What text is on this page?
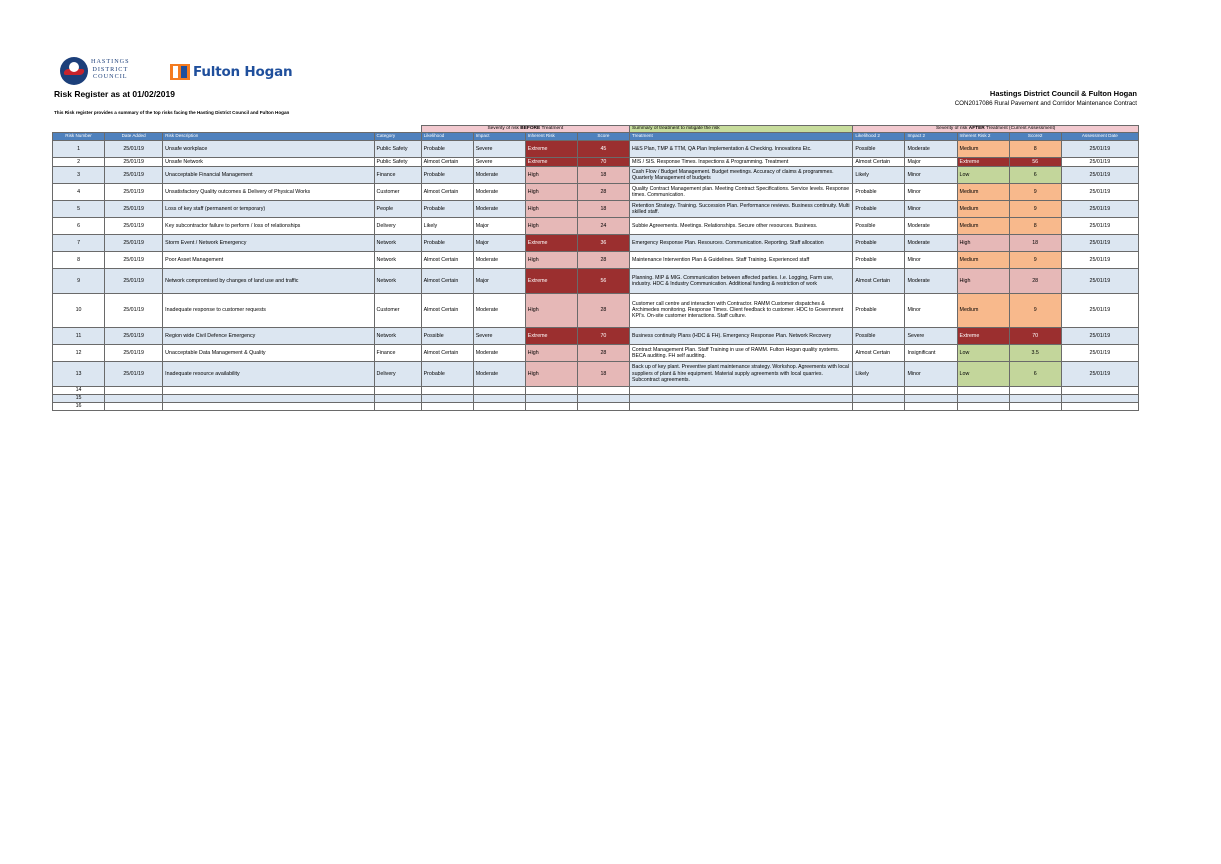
HASTINGS
DISTRICT
COUNCIL	Fulton Hogan
Risk Register as at 01/02/2019	Hastings District Council & Fulton Hogan
CON2017086 Rural Pavement and Corridor Maintenance Contract
This Risk register provides a summary of the top risks facing the Hasting District Council and Fulton Hogan
				Severity of risk BEFORE Treatment				Summary of treatment to mitigate the risk	Severity of risk AFTER Treatment (Current Assessment)				
Risk Number	Date Added	Risk Description	Category	Likelihood	Impact	Inherent Risk	Score	Treatment	Likelihood 2	Impact 2	Inherent Risk 2	Score2	Assessment Date
1	25/01/19	Unsafe workplace	Public Safety	Probable	Severe	Extreme	45	H&S Plan, TMP & TTM, QA Plan Implementation & Checking. Innovations Etc.	Possible	Moderate	Medium	8	25/01/19
2	25/01/19	Unsafe Network	Public Safety	Almost Certain	Severe	Extreme	70	MIS / SIS. Response Times. Inspections & Programming. Treatment	Almost Certain	Major	Extreme	56	25/01/19
3	25/01/19	Unacceptable Financial Management	Finance	Probable	Moderate	High	18	Cash Flow / Budget Management. Budget meetings. Accuracy of claims & programmes. Quarterly Management of budgets	Likely	Minor	Low	6	25/01/19
4	25/01/19	Unsatisfactory Quality outcomes & Delivery of Physical Works	Customer	Almost Certain	Moderate	High	28	Quality Contract Management plan. Meeting Contract Specifications. Service levels. Response times. Communication.	Probable	Minor	Medium	9	25/01/19
5	25/01/19	Loss of key staff (permanent or temporary)	People	Probable	Moderate	High	18	Retention Strategy. Training. Succession Plan. Performance reviews. Business continuity. Multi skilled staff.	Probable	Minor	Medium	9	25/01/19
6	25/01/19	Key subcontractor failure to perform / loss of relationships	Delivery	Likely	Major	High	24	Subbie Agreements. Meetings. Relationships. Secure other resources. Business.	Possible	Moderate	Medium	8	25/01/19
7	25/01/19	Storm Event / Network Emergency	Network	Probable	Major	Extreme	36	Emergency Response Plan. Resources. Communication. Reporting. Staff allocation	Probable	Moderate	High	18	25/01/19
8	25/01/19	Poor Asset Management	Network	Almost Certain	Moderate	High	28	Maintenance Intervention Plan & Guidelines. Staff Training. Experienced staff	Probable	Minor	Medium	9	25/01/19
9	25/01/19	Network compromised by changes of land use and traffic	Network	Almost Certain	Major	Extreme	56	Planning. MIP & MIG. Communication between affected parties. I.e. Logging, Farm use, industry. HDC & Industry Communication. Additional funding & restriction of work	Almost Certain	Moderate	High	28	25/01/19
10	25/01/19	Inadequate response to customer requests	Customer	Almost Certain	Moderate	High	28	Customer call centre and interaction with Contractor. RAMM Customer dispatches & Archimedes monitoring. Response Times. Client feedback to customer. HDC to Government KPI's. On-site customer interactions. Staff culture.	Probable	Minor	Medium	9	25/01/19
11	25/01/19	Region wide Civil Defence Emergency	Network	Possible	Severe	Extreme	70	Business continuity Plans (HDC & FH). Emergency Response Plan. Network Recovery	Possible	Severe	Extreme	70	25/01/19
12	25/01/19	Unacceptable Data Management & Quality	Finance	Almost Certain	Moderate	High	28	Contract Management Plan. Staff Training in use of RAMM. Fulton Hogan quality systems. BECA auditing. FH self auditing.	Almost Certain	Insignificant	Low	3.5	25/01/19
13	25/01/19	Inadequate resource availability	Delivery	Probable	Moderate	High	18	Back up of key plant. Preventive plant maintenance strategy. Workshop. Agreements with local suppliers of plant & hire equipment. Material supply agreements with local quarries. Subcontract agreements.	Likely	Minor	Low	6	25/01/19
14													
15													
16													
